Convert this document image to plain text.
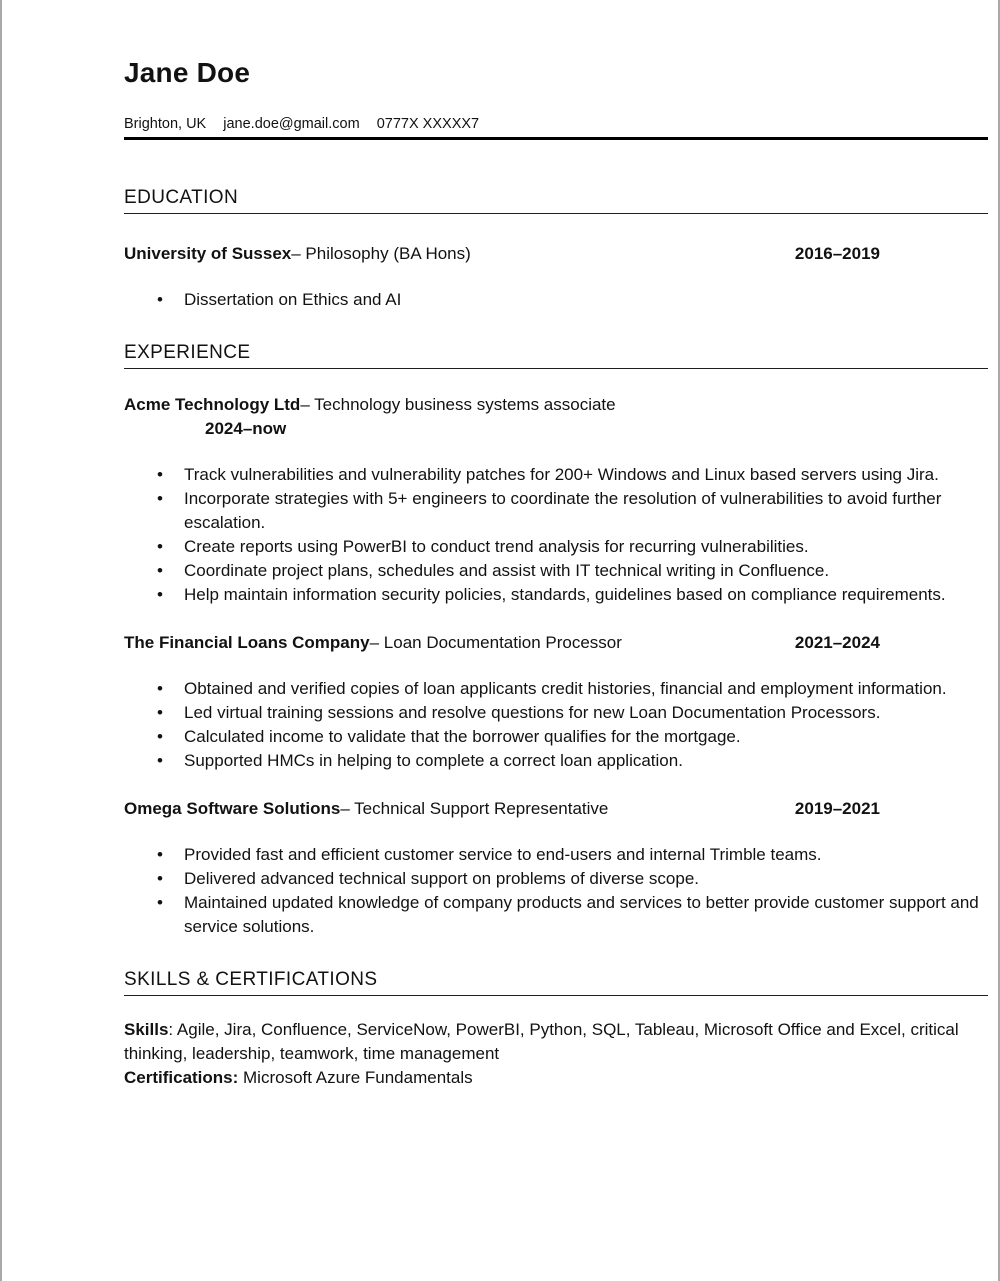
Jane Doe
Brighton, UK jane.doe@gmail.com 0777X XXXXX7
EDUCATION
University of Sussex – Philosophy (BA Hons)	2016–2019
• Dissertation on Ethics and AI
EXPERIENCE
Acme Technology Ltd – Technology business systems associate
2024–now
• Track vulnerabilities and vulnerability patches for 200+ Windows and Linux based servers using Jira.
• Incorporate strategies with 5+ engineers to coordinate the resolution of vulnerabilities to avoid further escalation.
• Create reports using PowerBI to conduct trend analysis for recurring vulnerabilities.
• Coordinate project plans, schedules and assist with IT technical writing in Confluence.
• Help maintain information security policies, standards, guidelines based on compliance requirements.
The Financial Loans Company – Loan Documentation Processor	2021–2024
• Obtained and verified copies of loan applicants credit histories, financial and employment information.
• Led virtual training sessions and resolve questions for new Loan Documentation Processors.
• Calculated income to validate that the borrower qualifies for the mortgage.
• Supported HMCs in helping to complete a correct loan application.
Omega Software Solutions – Technical Support Representative	2019–2021
• Provided fast and efficient customer service to end-users and internal Trimble teams.
• Delivered advanced technical support on problems of diverse scope.
• Maintained updated knowledge of company products and services to better provide customer support and service solutions.
SKILLS & CERTIFICATIONS

Skills: Agile, Jira, Confluence, ServiceNow, PowerBI, Python, SQL, Tableau, Microsoft Office and Excel, critical thinking, leadership, teamwork, time management

Certifications: Microsoft Azure Fundamentals
